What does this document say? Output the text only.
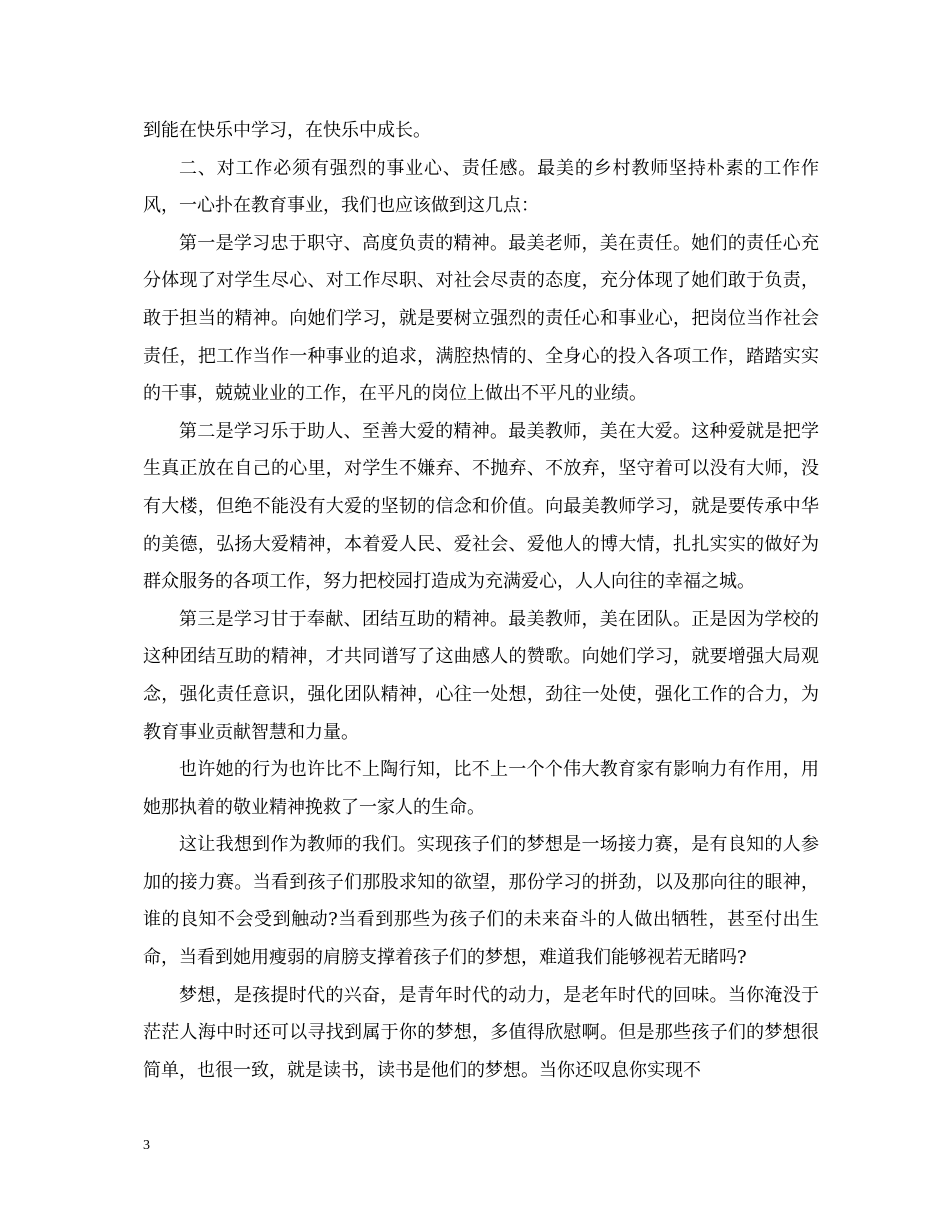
到能在快乐中学习，在快乐中成长。

二、对工作必须有强烈的事业心、责任感。最美的乡村教师坚持朴素的工作作风，一心扑在教育事业，我们也应该做到这几点：

第一是学习忠于职守、高度负责的精神。最美老师，美在责任。她们的责任心充分体现了对学生尽心、对工作尽职、对社会尽责的态度，充分体现了她们敢于负责，敢于担当的精神。向她们学习，就是要树立强烈的责任心和事业心，把岗位当作社会责任，把工作当作一种事业的追求，满腔热情的、全身心的投入各项工作，踏踏实实的干事，兢兢业业的工作，在平凡的岗位上做出不平凡的业绩。

第二是学习乐于助人、至善大爱的精神。最美教师，美在大爱。这种爱就是把学生真正放在自己的心里，对学生不嫌弃、不抛弃、不放弃，坚守着可以没有大师，没有大楼，但绝不能没有大爱的坚韧的信念和价值。向最美教师学习，就是要传承中华的美德，弘扬大爱精神，本着爱人民、爱社会、爱他人的博大情，扎扎实实的做好为群众服务的各项工作，努力把校园打造成为充满爱心，人人向往的幸福之城。

第三是学习甘于奉献、团结互助的精神。最美教师，美在团队。正是因为学校的这种团结互助的精神，才共同谱写了这曲感人的赞歌。向她们学习，就要增强大局观念，强化责任意识，强化团队精神，心往一处想，劲往一处使，强化工作的合力，为教育事业贡献智慧和力量。

也许她的行为也许比不上陶行知，比不上一个个伟大教育家有影响力有作用，用她那执着的敬业精神挽救了一家人的生命。

这让我想到作为教师的我们。实现孩子们的梦想是一场接力赛，是有良知的人参加的接力赛。当看到孩子们那股求知的欲望，那份学习的拼劲，以及那向往的眼神，谁的良知不会受到触动?当看到那些为孩子们的未来奋斗的人做出牺牲，甚至付出生命，当看到她用瘦弱的肩膀支撑着孩子们的梦想，难道我们能够视若无睹吗?

梦想，是孩提时代的兴奋，是青年时代的动力，是老年时代的回味。当你淹没于茫茫人海中时还可以寻找到属于你的梦想，多值得欣慰啊。但是那些孩子们的梦想很简单，也很一致，就是读书，读书是他们的梦想。当你还叹息你实现不

3
